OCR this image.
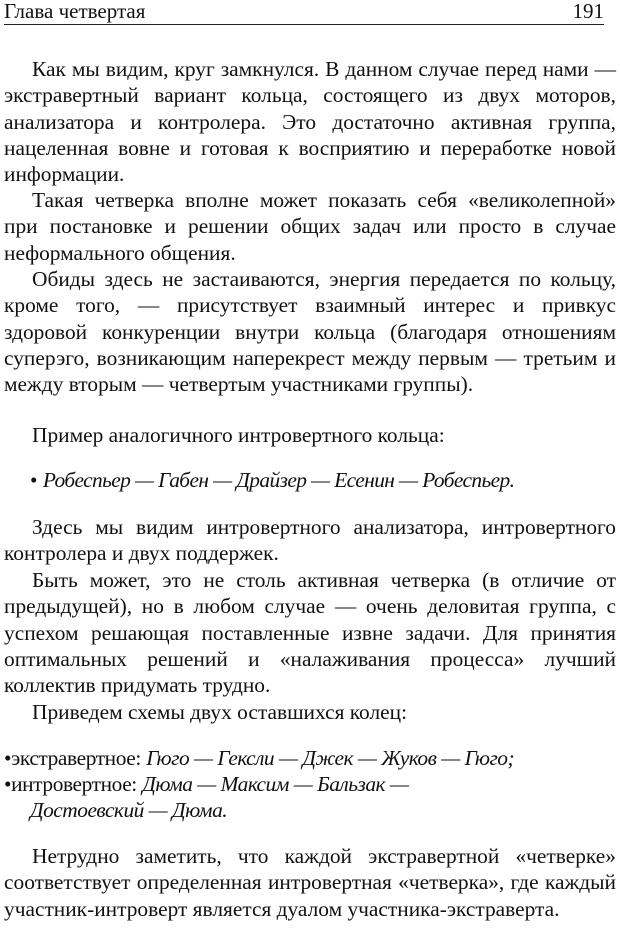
Глава четвертая	191

Как мы видим, круг замкнулся. В данном случае перед нами — экстравертный вариант кольца, состоящего из двух моторов, анализатора и контролера. Это достаточно активная группа, нацеленная вовне и готовая к восприятию и переработке новой информации.

Такая четверка вполне может показать себя «великолепной» при постановке и решении общих задач или просто в случае неформального общения.

Обиды здесь не застаиваются, энергия передается по кольцу, кроме того, — присутствует взаимный интерес и привкус здоровой конкуренции внутри кольца (благодаря отношениям суперэго, возникающим наперекрест между первым — третьим и между вторым — четвертым участниками группы).

Пример аналогичного интровертного кольца:

• Робеспьер — Габен — Драйзер — Есенин — Робеспьер.

Здесь мы видим интровертного анализатора, интровертного контролера и двух поддержек.

Быть может, это не столь активная четверка (в отличие от предыдущей), но в любом случае — очень деловитая группа, с успехом решающая поставленные извне задачи. Для принятия оптимальных решений и «налаживания процесса» лучший коллектив придумать трудно.

Приведем схемы двух оставшихся колец:

•экстравертное: Гюго — Гексли — Джек — Жуков — Гюго;
•интровертное: Дюма — Максим — Бальзак —
Достоевский — Дюма.

Нетрудно заметить, что каждой экстравертной «четверке» соответствует определенная интровертная «четверка», где каждый участник-интроверт является дуалом участника-экстраверта.
